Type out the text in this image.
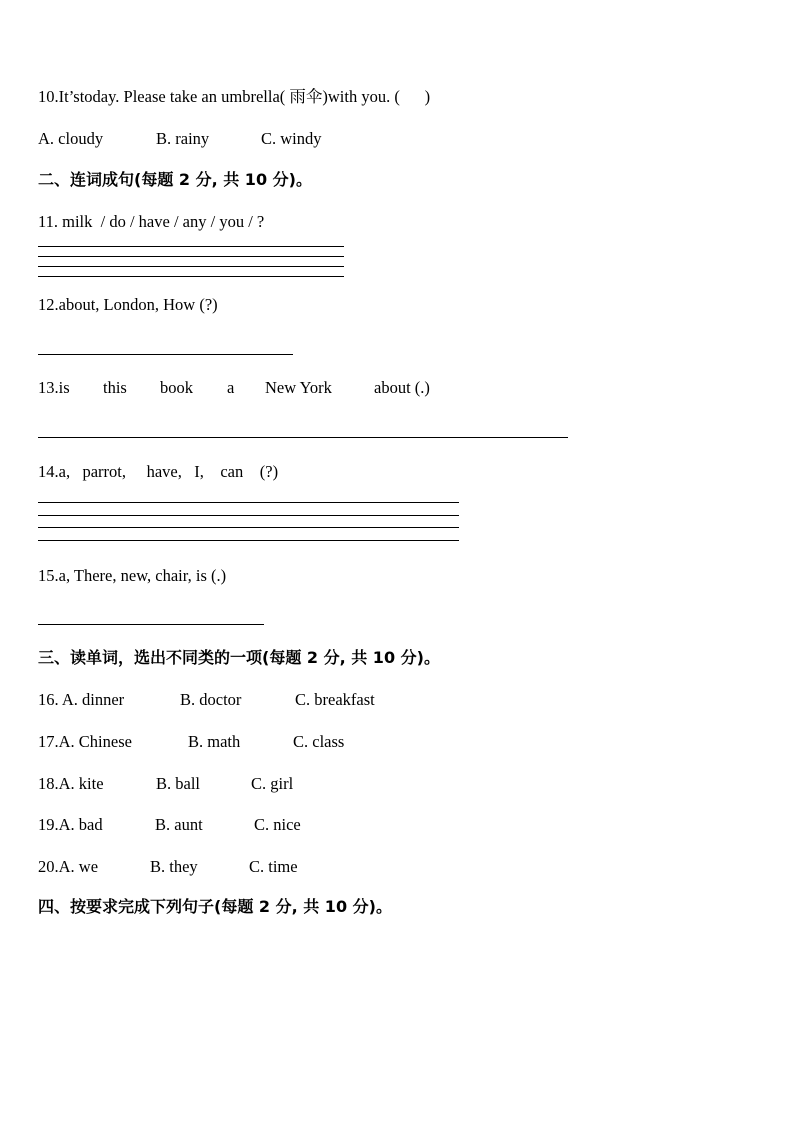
10.It’stoday. Please take an umbrella( 雨伞)with you. (      )
A. cloudy	B. rainy	C. windy
二、连词成句(每题 2 分, 共 10 分)。
11. milk  / do / have / any / you / ?
12.about, London, How (?)
13.is this book a New York	about (.)
14.a,   parrot,     have,   I,    can    (?)
15.a, There, new, chair, is (.)
三、读单词，选出不同类的一项(每题 2 分, 共 10 分)。
16. A. dinner	B. doctor	C. breakfast
17.A. Chinese	B. math	C. class
18.A. kite	B. ball	C. girl
19.A. bad	B. aunt	C. nice
20.A. we	B. they	C. time
四、按要求完成下列句子(每题 2 分, 共 10 分)。
